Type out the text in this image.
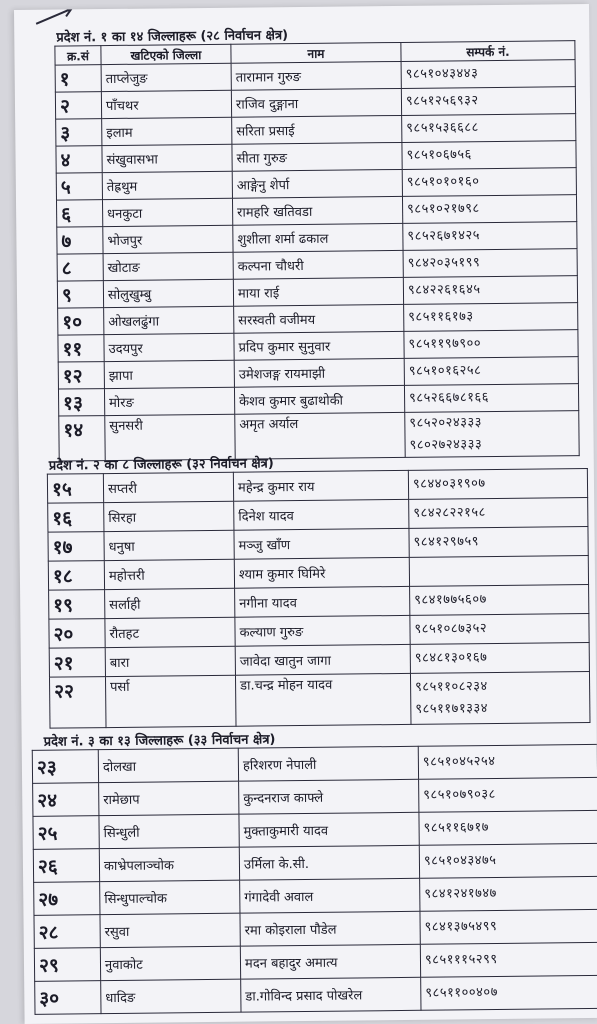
प्रदेश नं. १ का १४ जिल्लाहरू (२८ निर्वाचन क्षेत्र)
क्र.सं	खटिएको जिल्ला	नाम	सम्पर्क नं.
१	ताप्लेजुङ	तारामान गुरुङ	९८५१०४३४४३

२	पाँचथर	राजिव दुङ्गाना	९८५१२५६९३२

३	इलाम	सरिता प्रसाई	९८५१५३६६८८

४	संखुवासभा	सीता गुरुङ	९८५१०६७५६

५	तेह्रथुम	आङ्गेनु शेर्पा	९८५१०१०१६०

६	धनकुटा	रामहरि खतिवडा	९८५१०२१७९८

७	भोजपुर	शुशीला शर्मा ढकाल	९८५२६७१४२५

८	खोटाङ	कल्पना चौधरी	९८४२०३५१९९

९	सोलुखुम्बु	माया राई	९८४२२६१६४५

१०	ओखलढुंगा	सरस्वती वजीमय	९८५११६१७३

११	उदयपुर	प्रदिप कुमार सुनुवार	९८५११९७९००

१२	झापा	उमेशजङ्ग रायमाझी	९८५१०१६२५८

१३	मोरङ	केशव कुमार बुढाथोकी	९८५२६६७८१६६

१४	सुनसरी	अमृत अर्याल	९८५२०२४३३३
९८०२७२४३३३
प्रदेश नं. २ का ८ जिल्लाहरू (३२ निर्वाचन क्षेत्र)
१५	सप्तरी	महेन्द्र कुमार राय	९८४४०३१९०७

१६	सिरहा	दिनेश यादव	९८४२८२२१५८

१७	धनुषा	मञ्जु खाँण	९८४१२९७५९

१८	महोत्तरी	श्याम कुमार घिमिरे	
१९	सर्लाही	नगीना यादव	९८४१७७५६०७

२०	रौतहट	कल्याण गुरुङ	९८५१०८७३५२

२१	बारा	जावेदा खातुन जागा	९८४८१३०१६७

२२	पर्सा	डा.चन्द्र मोहन यादव	९८५११०८२३४
९८५११७१३३४
प्रदेश नं. ३ का १३ जिल्लाहरू (३३ निर्वाचन क्षेत्र)
२३	दोलखा	हरिशरण नेपाली	९८५१०४५२५४

२४	रामेछाप	कुन्दनराज काफ्ले	९८५१०७९०३८

२५	सिन्धुली	मुक्ताकुमारी यादव	९८५११६७१७

२६	काभ्रेपलाञ्चोक	उर्मिला के.सी.	९८५१०४३४७५

२७	सिन्धुपाल्चोक	गंगादेवी अवाल	९८४१२४१७४७

२८	रसुवा	रमा कोइराला पौडेल	९८४१३७५४९९

२९	नुवाकोट	मदन बहादुर अमात्य	९८५१११५२९९

३०	धादिङ	डा.गोविन्द प्रसाद पोखरेल	९८५११००४०७
